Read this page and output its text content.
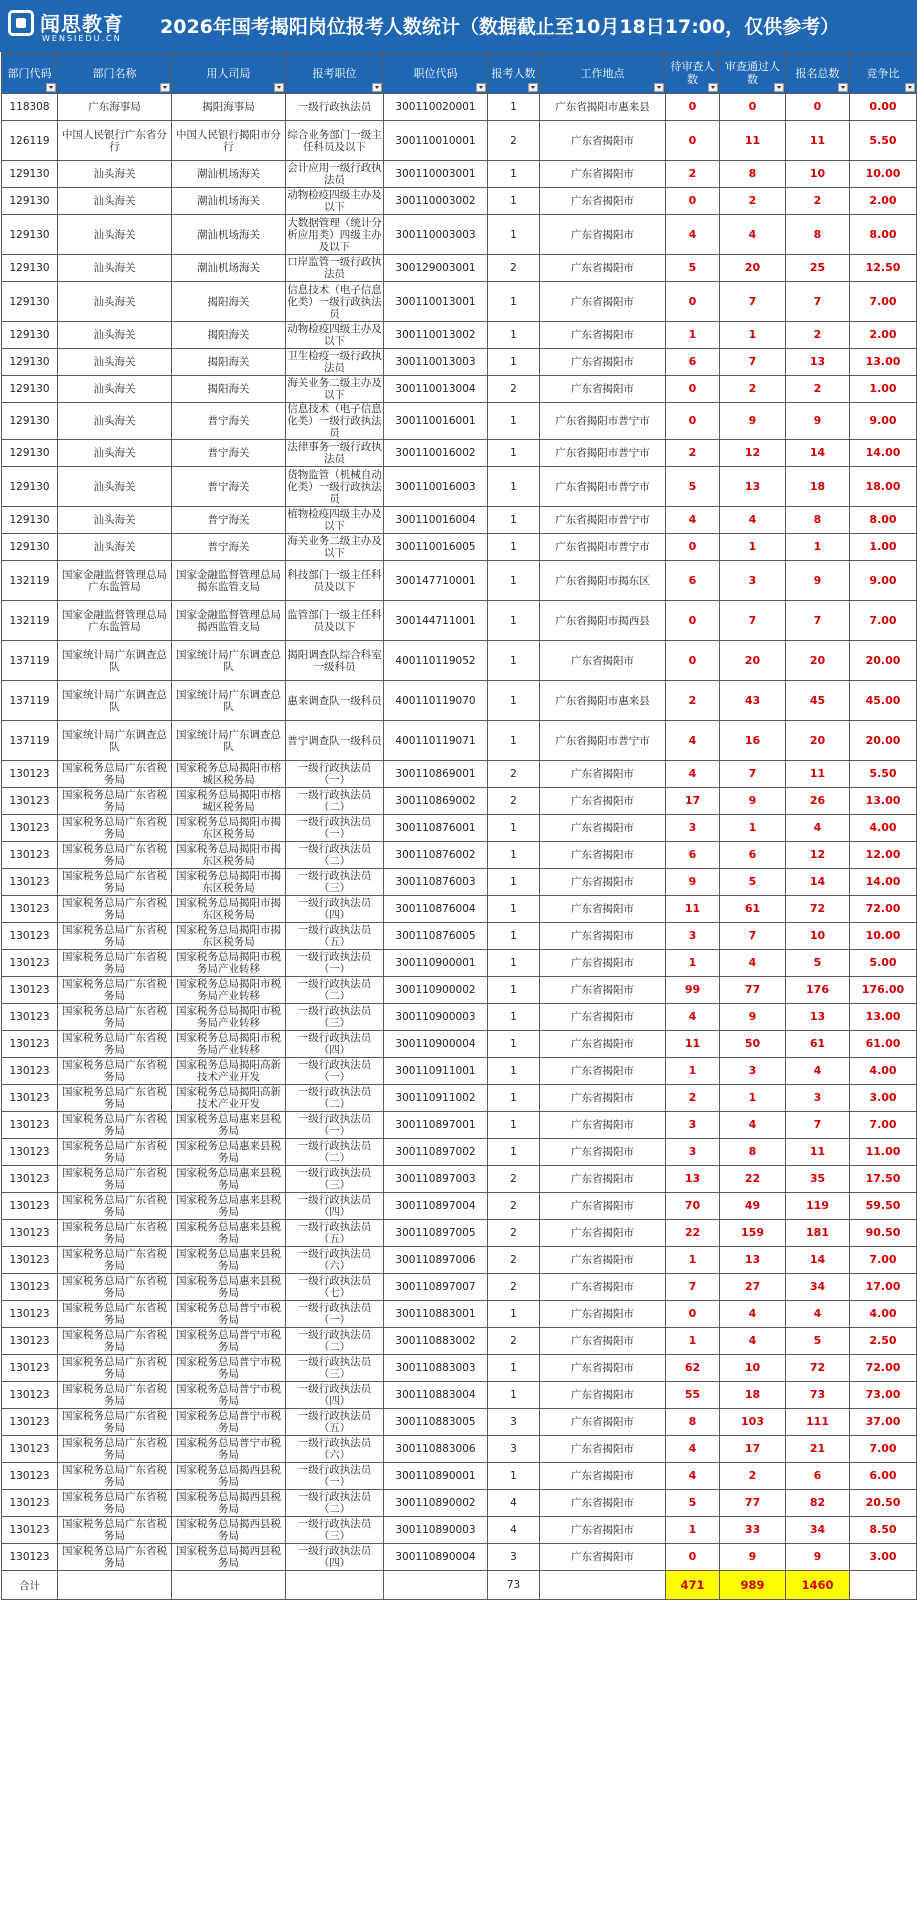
闻思教育
WENSIEDU.CN
2026年国考揭阳岗位报考人数统计（数据截止至10月18日17:00，仅供参考）
部门代码	部门名称	用人司局	报考职位	职位代码	报考人数	工作地点	待审查人数	审查通过人数	报名总数	竞争比

118308	广东海事局	揭阳海事局	一级行政执法员	300110020001	1	广东省揭阳市惠来县	0	0	0	0.00
126119	中国人民银行广东省分行	中国人民银行揭阳市分行	综合业务部门一级主任科员及以下	300110010001	2	广东省揭阳市	0	11	11	5.50
129130	汕头海关	潮汕机场海关	会计应用一级行政执法员	300110003001	1	广东省揭阳市	2	8	10	10.00
129130	汕头海关	潮汕机场海关	动物检疫四级主办及以下	300110003002	1	广东省揭阳市	0	2	2	2.00
129130	汕头海关	潮汕机场海关	大数据管理（统计分析应用类）四级主办及以下	300110003003	1	广东省揭阳市	4	4	8	8.00
129130	汕头海关	潮汕机场海关	口岸监管一级行政执法员	300129003001	2	广东省揭阳市	5	20	25	12.50
129130	汕头海关	揭阳海关	信息技术（电子信息化类）一级行政执法员	300110013001	1	广东省揭阳市	0	7	7	7.00
129130	汕头海关	揭阳海关	动物检疫四级主办及以下	300110013002	1	广东省揭阳市	1	1	2	2.00
129130	汕头海关	揭阳海关	卫生检疫一级行政执法员	300110013003	1	广东省揭阳市	6	7	13	13.00
129130	汕头海关	揭阳海关	海关业务二级主办及以下	300110013004	2	广东省揭阳市	0	2	2	1.00
129130	汕头海关	普宁海关	信息技术（电子信息化类）一级行政执法员	300110016001	1	广东省揭阳市普宁市	0	9	9	9.00
129130	汕头海关	普宁海关	法律事务一级行政执法员	300110016002	1	广东省揭阳市普宁市	2	12	14	14.00
129130	汕头海关	普宁海关	货物监管（机械自动化类）一级行政执法员	300110016003	1	广东省揭阳市普宁市	5	13	18	18.00
129130	汕头海关	普宁海关	植物检疫四级主办及以下	300110016004	1	广东省揭阳市普宁市	4	4	8	8.00
129130	汕头海关	普宁海关	海关业务二级主办及以下	300110016005	1	广东省揭阳市普宁市	0	1	1	1.00
132119	国家金融监督管理总局广东监管局	国家金融监督管理总局揭东监管支局	科技部门一级主任科员及以下	300147710001	1	广东省揭阳市揭东区	6	3	9	9.00
132119	国家金融监督管理总局广东监管局	国家金融监督管理总局揭西监管支局	监管部门一级主任科员及以下	300144711001	1	广东省揭阳市揭西县	0	7	7	7.00
137119	国家统计局广东调查总队	国家统计局广东调查总队	揭阳调查队综合科室一级科员	400110119052	1	广东省揭阳市	0	20	20	20.00
137119	国家统计局广东调查总队	国家统计局广东调查总队	惠来调查队一级科员	400110119070	1	广东省揭阳市惠来县	2	43	45	45.00
137119	国家统计局广东调查总队	国家统计局广东调查总队	普宁调查队一级科员	400110119071	1	广东省揭阳市普宁市	4	16	20	20.00
130123	国家税务总局广东省税务局	国家税务总局揭阳市榕城区税务局	一级行政执法员（一）	300110869001	2	广东省揭阳市	4	7	11	5.50
130123	国家税务总局广东省税务局	国家税务总局揭阳市榕城区税务局	一级行政执法员（二）	300110869002	2	广东省揭阳市	17	9	26	13.00
130123	国家税务总局广东省税务局	国家税务总局揭阳市揭东区税务局	一级行政执法员（一）	300110876001	1	广东省揭阳市	3	1	4	4.00
130123	国家税务总局广东省税务局	国家税务总局揭阳市揭东区税务局	一级行政执法员（二）	300110876002	1	广东省揭阳市	6	6	12	12.00
130123	国家税务总局广东省税务局	国家税务总局揭阳市揭东区税务局	一级行政执法员（三）	300110876003	1	广东省揭阳市	9	5	14	14.00
130123	国家税务总局广东省税务局	国家税务总局揭阳市揭东区税务局	一级行政执法员（四）	300110876004	1	广东省揭阳市	11	61	72	72.00
130123	国家税务总局广东省税务局	国家税务总局揭阳市揭东区税务局	一级行政执法员（五）	300110876005	1	广东省揭阳市	3	7	10	10.00
130123	国家税务总局广东省税务局	国家税务总局揭阳市税务局产业转移	一级行政执法员（一）	300110900001	1	广东省揭阳市	1	4	5	5.00
130123	国家税务总局广东省税务局	国家税务总局揭阳市税务局产业转移	一级行政执法员（二）	300110900002	1	广东省揭阳市	99	77	176	176.00
130123	国家税务总局广东省税务局	国家税务总局揭阳市税务局产业转移	一级行政执法员（三）	300110900003	1	广东省揭阳市	4	9	13	13.00
130123	国家税务总局广东省税务局	国家税务总局揭阳市税务局产业转移	一级行政执法员（四）	300110900004	1	广东省揭阳市	11	50	61	61.00
130123	国家税务总局广东省税务局	国家税务总局揭阳高新技术产业开发	一级行政执法员（一）	300110911001	1	广东省揭阳市	1	3	4	4.00
130123	国家税务总局广东省税务局	国家税务总局揭阳高新技术产业开发	一级行政执法员（二）	300110911002	1	广东省揭阳市	2	1	3	3.00
130123	国家税务总局广东省税务局	国家税务总局惠来县税务局	一级行政执法员（一）	300110897001	1	广东省揭阳市	3	4	7	7.00
130123	国家税务总局广东省税务局	国家税务总局惠来县税务局	一级行政执法员（二）	300110897002	1	广东省揭阳市	3	8	11	11.00
130123	国家税务总局广东省税务局	国家税务总局惠来县税务局	一级行政执法员（三）	300110897003	2	广东省揭阳市	13	22	35	17.50
130123	国家税务总局广东省税务局	国家税务总局惠来县税务局	一级行政执法员（四）	300110897004	2	广东省揭阳市	70	49	119	59.50
130123	国家税务总局广东省税务局	国家税务总局惠来县税务局	一级行政执法员（五）	300110897005	2	广东省揭阳市	22	159	181	90.50
130123	国家税务总局广东省税务局	国家税务总局惠来县税务局	一级行政执法员（六）	300110897006	2	广东省揭阳市	1	13	14	7.00
130123	国家税务总局广东省税务局	国家税务总局惠来县税务局	一级行政执法员（七）	300110897007	2	广东省揭阳市	7	27	34	17.00
130123	国家税务总局广东省税务局	国家税务总局普宁市税务局	一级行政执法员（一）	300110883001	1	广东省揭阳市	0	4	4	4.00
130123	国家税务总局广东省税务局	国家税务总局普宁市税务局	一级行政执法员（二）	300110883002	2	广东省揭阳市	1	4	5	2.50
130123	国家税务总局广东省税务局	国家税务总局普宁市税务局	一级行政执法员（三）	300110883003	1	广东省揭阳市	62	10	72	72.00
130123	国家税务总局广东省税务局	国家税务总局普宁市税务局	一级行政执法员（四）	300110883004	1	广东省揭阳市	55	18	73	73.00
130123	国家税务总局广东省税务局	国家税务总局普宁市税务局	一级行政执法员（五）	300110883005	3	广东省揭阳市	8	103	111	37.00
130123	国家税务总局广东省税务局	国家税务总局普宁市税务局	一级行政执法员（六）	300110883006	3	广东省揭阳市	4	17	21	7.00
130123	国家税务总局广东省税务局	国家税务总局揭西县税务局	一级行政执法员（一）	300110890001	1	广东省揭阳市	4	2	6	6.00
130123	国家税务总局广东省税务局	国家税务总局揭西县税务局	一级行政执法员（二）	300110890002	4	广东省揭阳市	5	77	82	20.50
130123	国家税务总局广东省税务局	国家税务总局揭西县税务局	一级行政执法员（三）	300110890003	4	广东省揭阳市	1	33	34	8.50
130123	国家税务总局广东省税务局	国家税务总局揭西县税务局	一级行政执法员（四）	300110890004	3	广东省揭阳市	0	9	9	3.00
合计					73		471	989	1460	
